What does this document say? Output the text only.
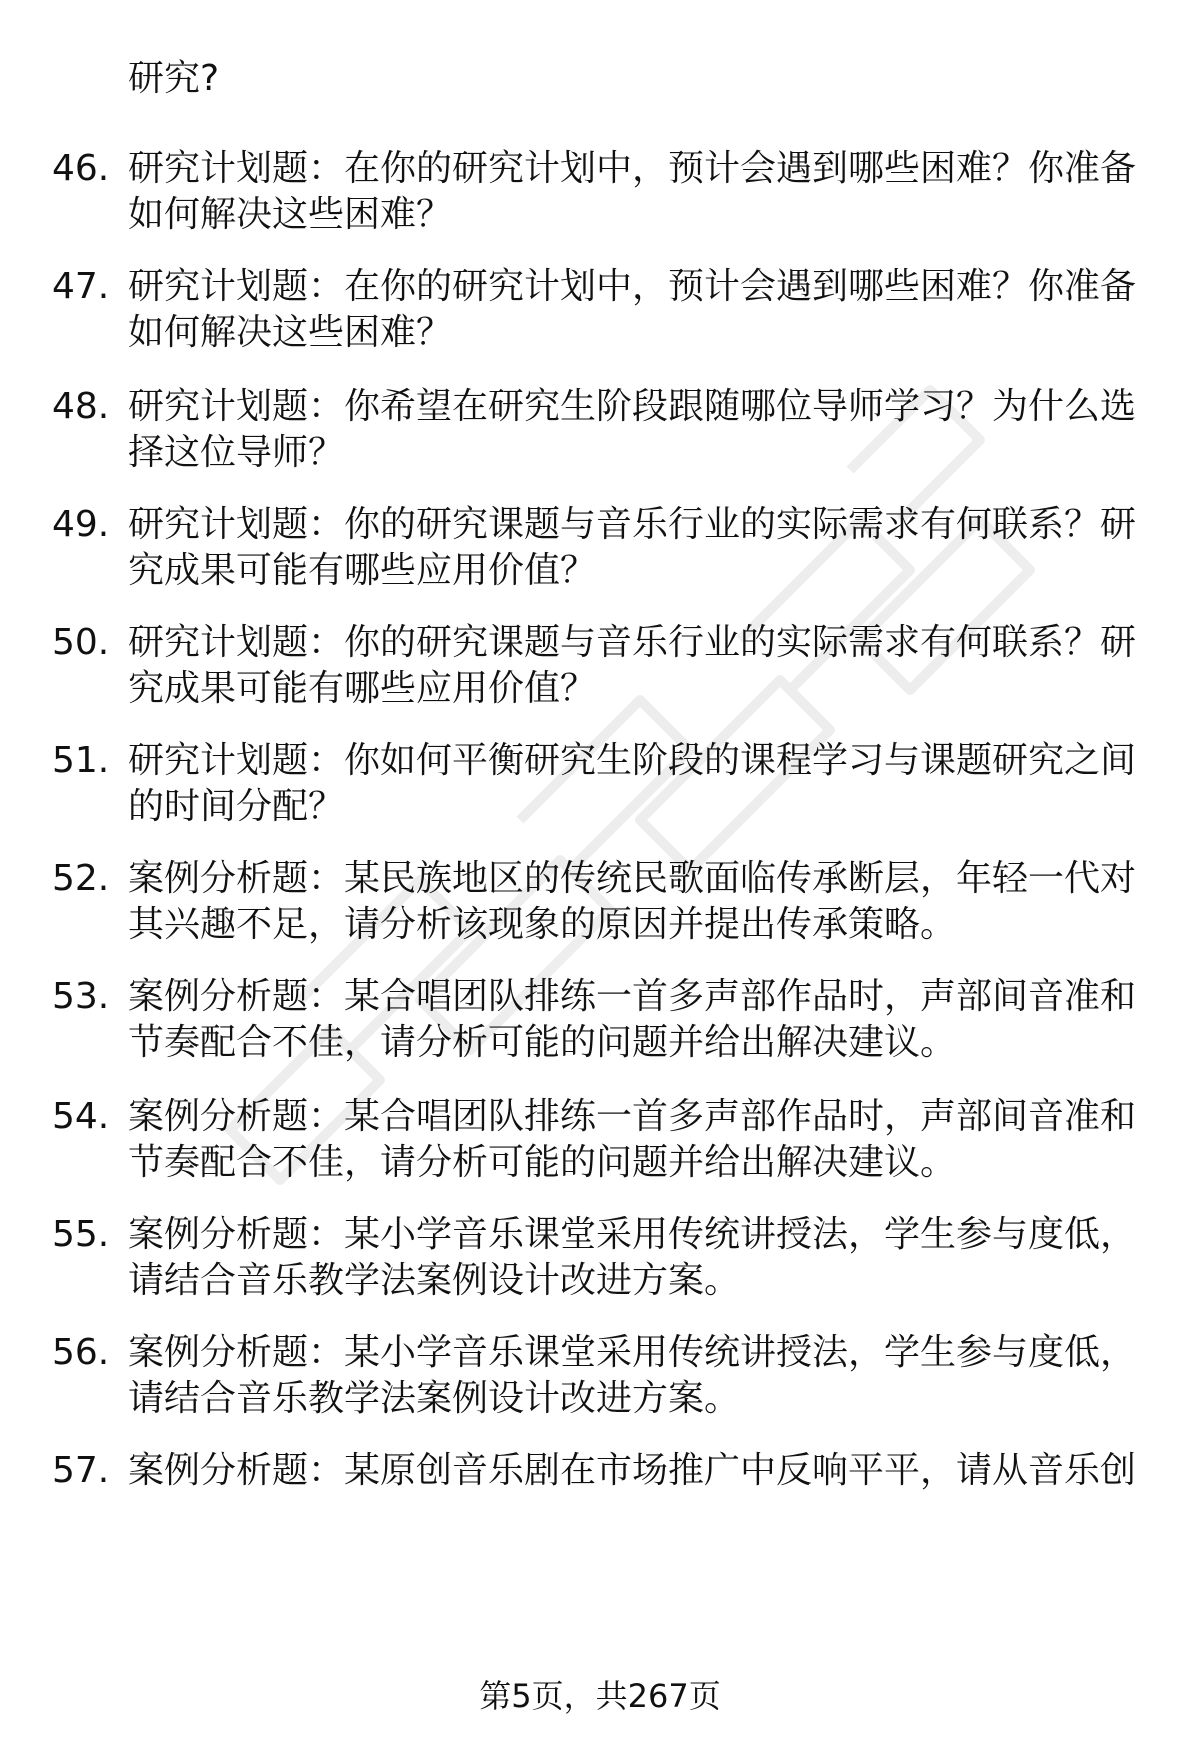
研究?
46. 研究计划题：在你的研究计划中，预计会遇到哪些困难？你准备如何解决这些困难？
47. 研究计划题：在你的研究计划中，预计会遇到哪些困难？你准备如何解决这些困难？
48. 研究计划题：你希望在研究生阶段跟随哪位导师学习？为什么选择这位导师？
49. 研究计划题：你的研究课题与音乐行业的实际需求有何联系？研究成果可能有哪些应用价值？
50. 研究计划题：你的研究课题与音乐行业的实际需求有何联系？研究成果可能有哪些应用价值？
51. 研究计划题：你如何平衡研究生阶段的课程学习与课题研究之间的时间分配？
52. 案例分析题：某民族地区的传统民歌面临传承断层，年轻一代对其兴趣不足，请分析该现象的原因并提出传承策略。
53. 案例分析题：某合唱团队排练一首多声部作品时，声部间音准和节奏配合不佳，请分析可能的问题并给出解决建议。
54. 案例分析题：某合唱团队排练一首多声部作品时，声部间音准和节奏配合不佳，请分析可能的问题并给出解决建议。
55. 案例分析题：某小学音乐课堂采用传统讲授法，学生参与度低，请结合音乐教学法案例设计改进方案。
56. 案例分析题：某小学音乐课堂采用传统讲授法，学生参与度低，请结合音乐教学法案例设计改进方案。
57. 案例分析题：某原创音乐剧在市场推广中反响平平，请从音乐创
第5页，共267页
